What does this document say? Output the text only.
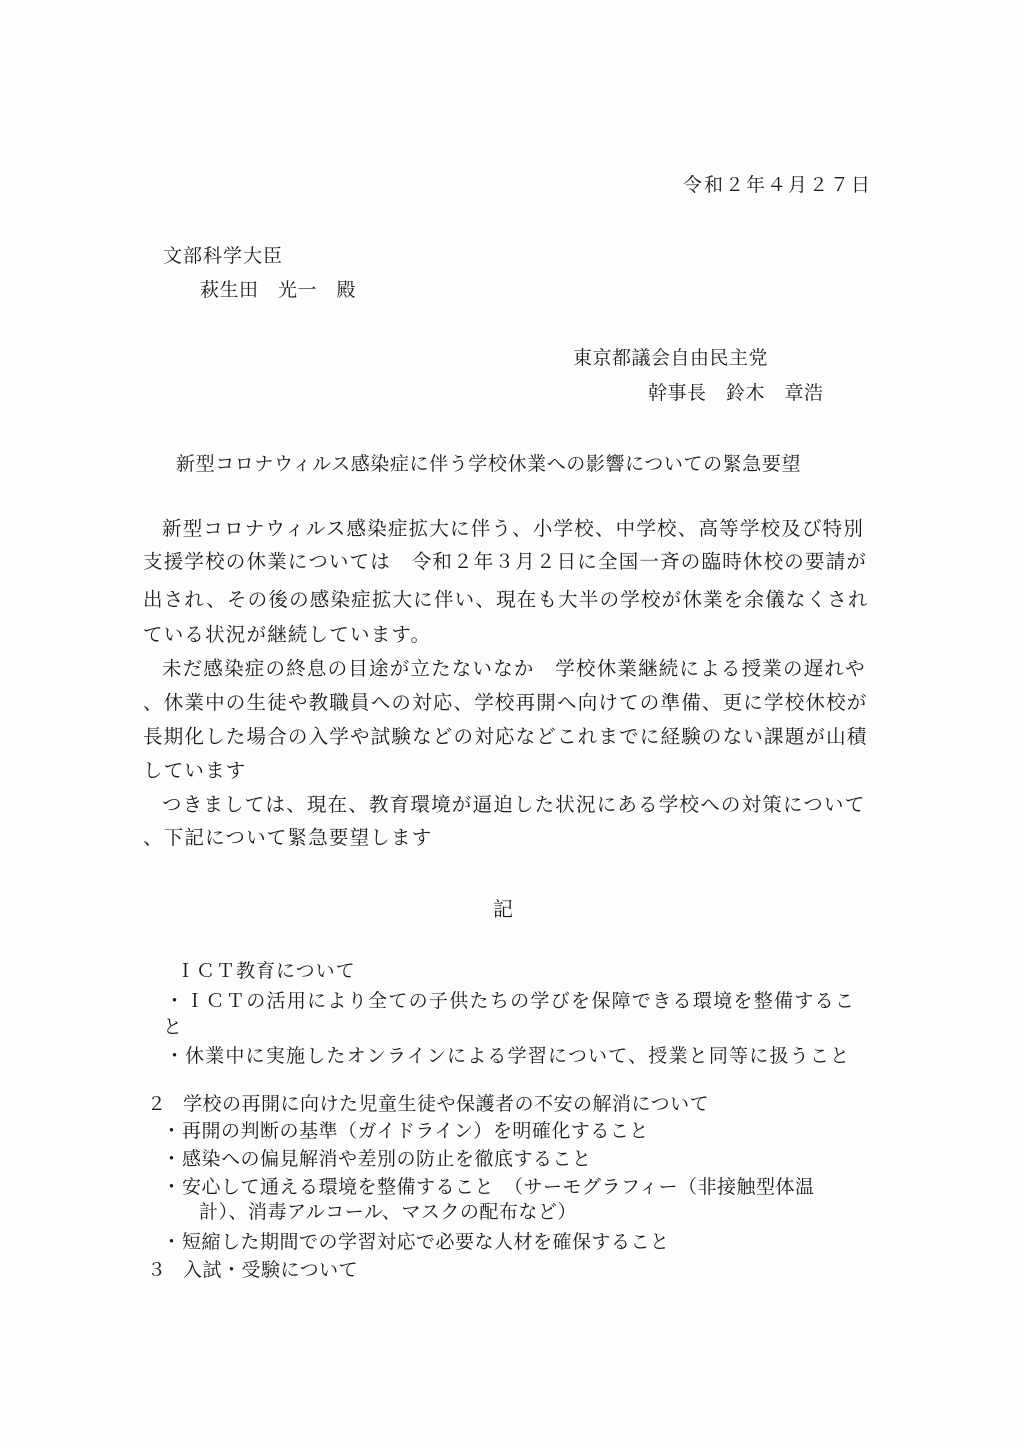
令和２年４月２７日
文部科学大臣
萩生田　光一　殿
東京都議会自由民主党
幹事長　鈴木　章浩
新型コロナウィルス感染症に伴う学校休業への影響についての緊急要望
新型コロナウィルス感染症拡大に伴う、小学校、中学校、高等学校及び特別
支援学校の休業については　令和２年３月２日に全国一斉の臨時休校の要請が
出され、その後の感染症拡大に伴い、現在も大半の学校が休業を余儀なくされ
ている状況が継続しています。
未だ感染症の終息の目途が立たないなか　学校休業継続による授業の遅れや
、休業中の生徒や教職員への対応、学校再開へ向けての準備、更に学校休校が
長期化した場合の入学や試験などの対応などこれまでに経験のない課題が山積
しています
つきましては、現在、教育環境が逼迫した状況にある学校への対策について
、下記について緊急要望します
記
ＩＣＴ教育について
・ＩＣＴの活用により全ての子供たちの学びを保障できる環境を整備するこ
と
・休業中に実施したオンラインによる学習について、授業と同等に扱うこと
２ 学校の再開に向けた児童生徒や保護者の不安の解消について
・再開の判断の基準（ガイドライン）を明確化すること
・感染への偏見解消や差別の防止を徹底すること
・安心して通える環境を整備すること　（サーモグラフィー（非接触型体温
計）、消毒アルコール、マスクの配布など）
・短縮した期間での学習対応で必要な人材を確保すること
３ 入試・受験について
